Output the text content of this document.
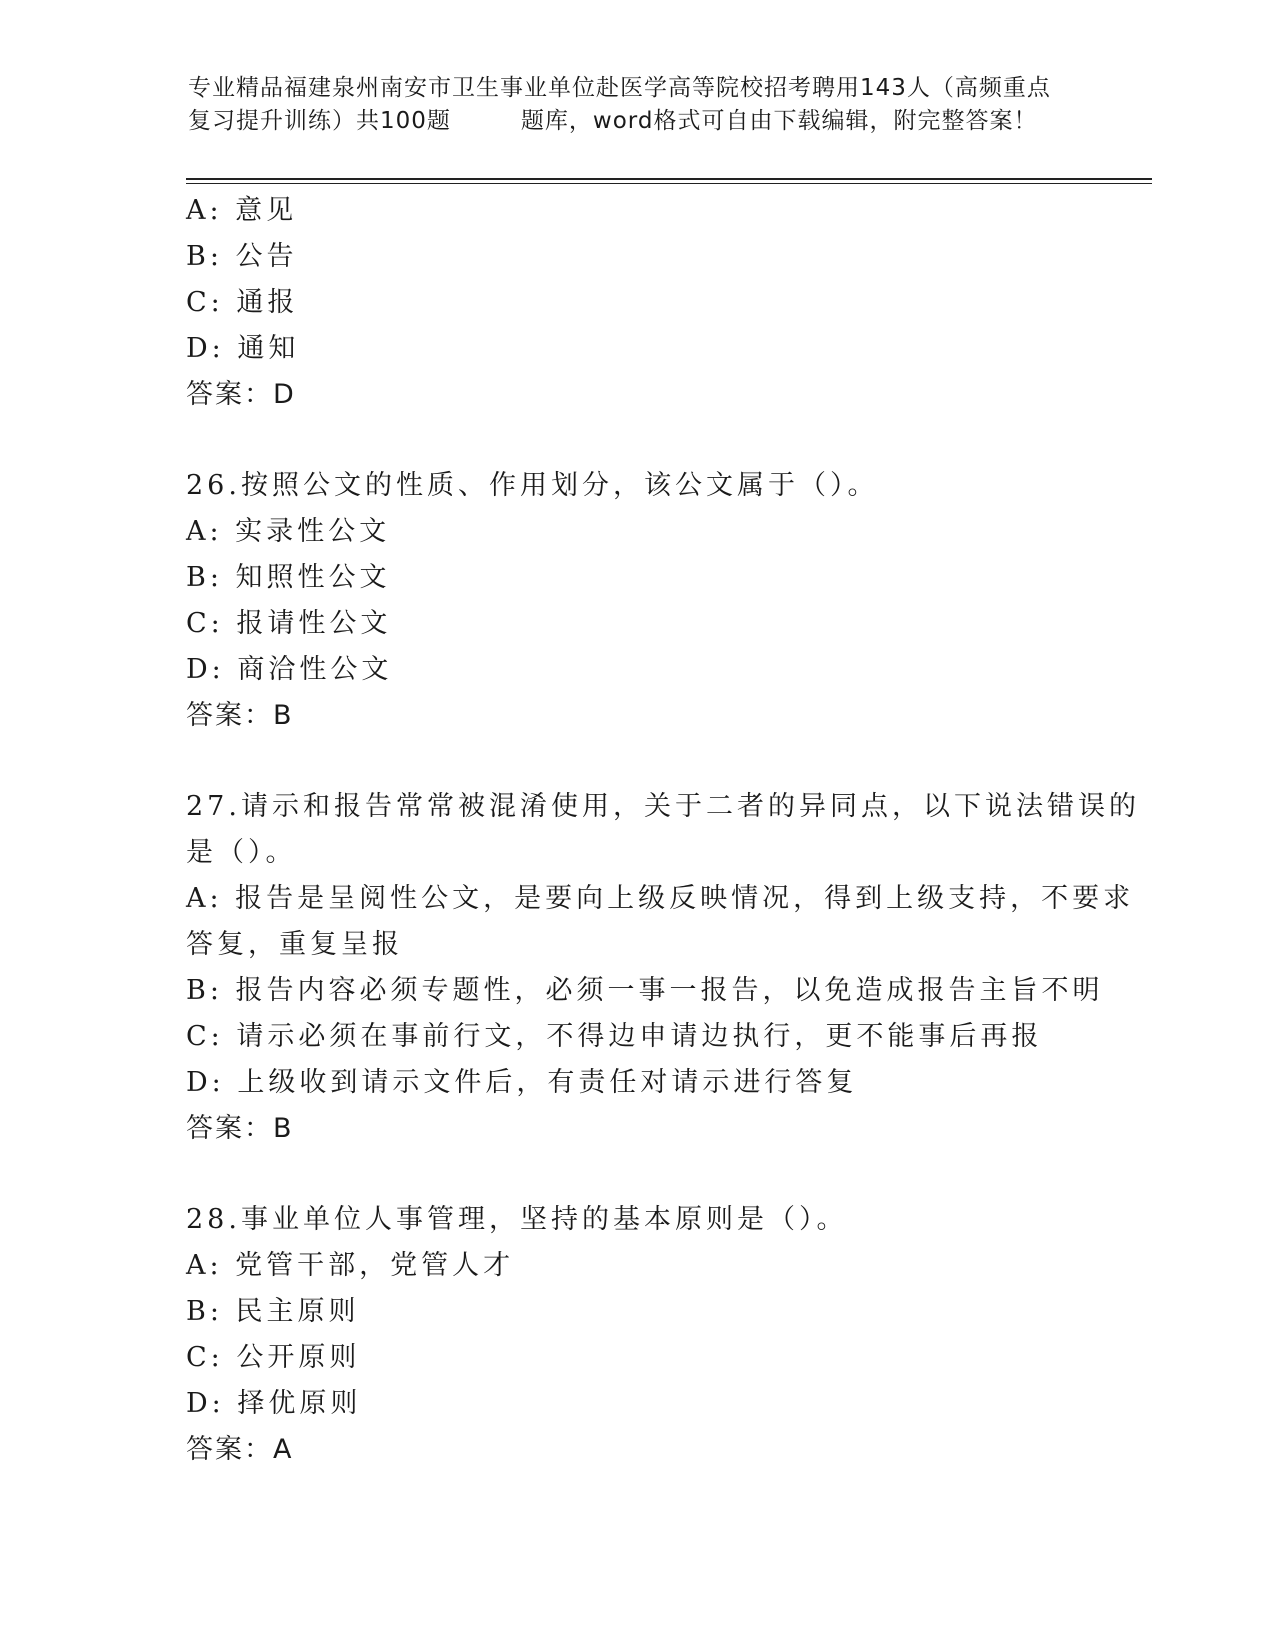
专业精品福建泉州南安市卫生事业单位赴医学高等院校招考聘用143人（高频重点
复习提升训练）共100题	题库，word格式可自由下载编辑，附完整答案！
A: 意见
B: 公告
C: 通报
D: 通知
答案：D
26.按照公文的性质、作用划分，该公文属于（）。
A: 实录性公文
B: 知照性公文
C: 报请性公文
D: 商洽性公文
答案：B
27.请示和报告常常被混淆使用，关于二者的异同点，以下说法错误的
是（）。
A: 报告是呈阅性公文，是要向上级反映情况，得到上级支持，不要求
答复，重复呈报
B: 报告内容必须专题性，必须一事一报告，以免造成报告主旨不明
C: 请示必须在事前行文，不得边申请边执行，更不能事后再报
D: 上级收到请示文件后，有责任对请示进行答复
答案：B
28.事业单位人事管理，坚持的基本原则是（）。
A: 党管干部，党管人才
B: 民主原则
C: 公开原则
D: 择优原则
答案：A
